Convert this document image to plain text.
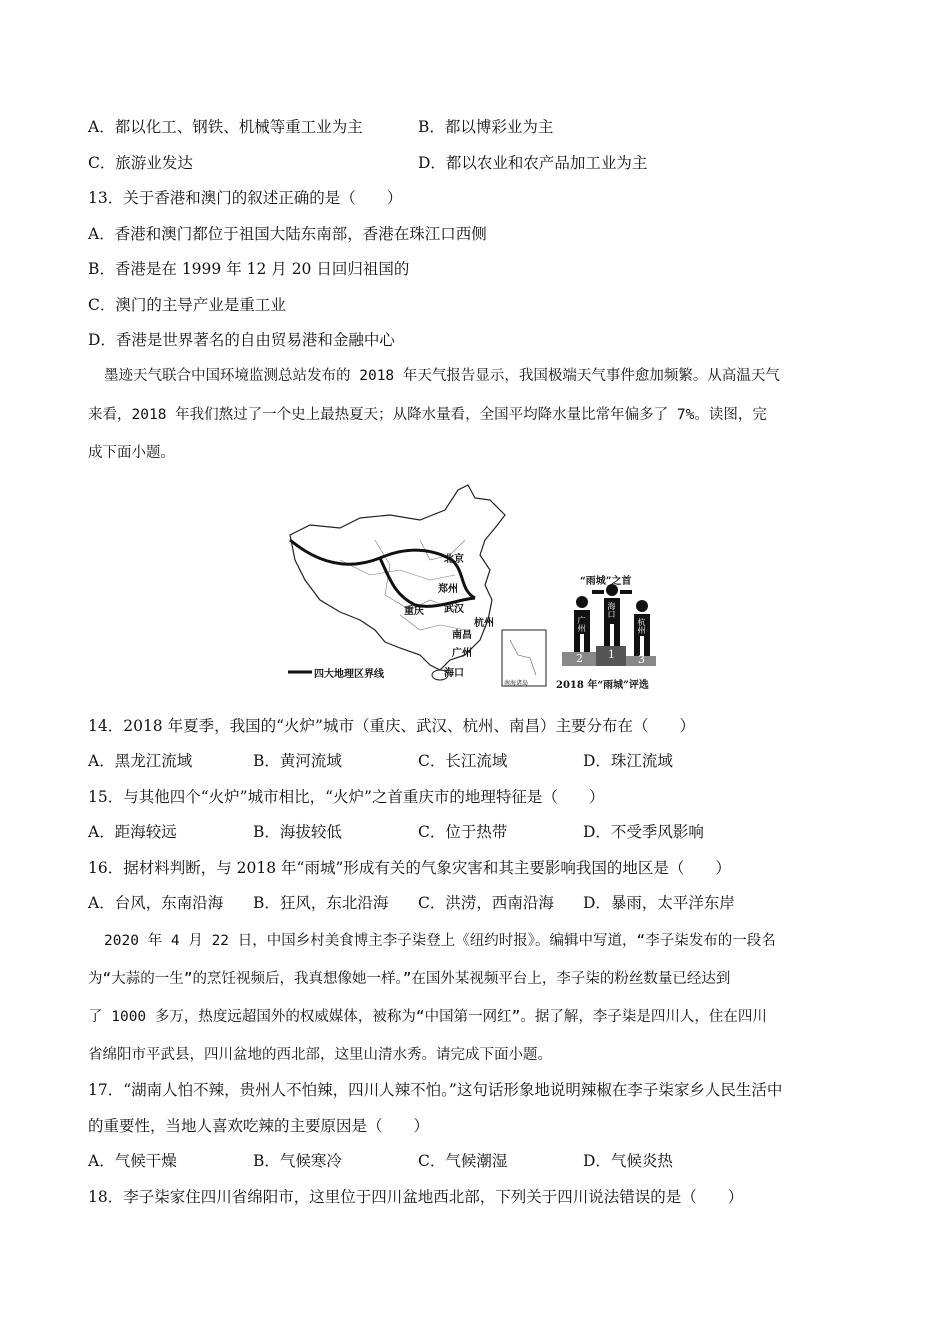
A．都以化工、钢铁、机械等重工业为主	B．都以博彩业为主
C．旅游业发达	D．都以农业和农产品加工业为主
13．关于香港和澳门的叙述正确的是（　　）
A．香港和澳门都位于祖国大陆东南部，香港在珠江口西侧
B．香港是在 1999 年 12 月 20 日回归祖国的
C．澳门的主导产业是重工业
D．香港是世界著名的自由贸易港和金融中心
墨迹天气联合中国环境监测总站发布的 2018 年天气报告显示，我国极端天气事件愈加频繁。从高温天气
来看，2018 年我们熬过了一个史上最热夏天；从降水量看，全国平均降水量比常年偏多了 7%。读图，完
成下面小题。
北京
郑州
重庆 武汉
南昌
杭州
广州
海口
四大地理区界线
南海诸岛
“雨城”之首
广州
海口
杭州
2 1 3
2018 年“雨城”评选
14．2018 年夏季，我国的“火炉”城市（重庆、武汉、杭州、南昌）主要分布在（　　）
A．黑龙江流域	B．黄河流域	C．长江流域	D．珠江流域
15．与其他四个“火炉”城市相比，“火炉”之首重庆市的地理特征是（　　）
A．距海较远	B．海拔较低	C．位于热带	D．不受季风影响
16．据材料判断，与 2018 年“雨城”形成有关的气象灾害和其主要影响我国的地区是（　　）
A．台风，东南沿海 B．狂风，东北沿海 C．洪涝，西南沿海 D．暴雨，太平洋东岸
2020 年 4 月 22 日，中国乡村美食博主李子柒登上《纽约时报》。编辑中写道，“李子柒发布的一段名
为“大蒜的一生”的烹饪视频后，我真想像她一样。”在国外某视频平台上，李子柒的粉丝数量已经达到
了 1000 多万，热度远超国外的权威媒体，被称为“中国第一网红”。据了解，李子柒是四川人，住在四川
省绵阳市平武县，四川盆地的西北部，这里山清水秀。请完成下面小题。
17．“湖南人怕不辣，贵州人不怕辣，四川人辣不怕。”这句话形象地说明辣椒在李子柒家乡人民生活中
的重要性，当地人喜欢吃辣的主要原因是（　　）
A．气候干燥	B．气候寒冷	C．气候潮湿	D．气候炎热
18．李子柒家住四川省绵阳市，这里位于四川盆地西北部，下列关于四川说法错误的是（　　）
